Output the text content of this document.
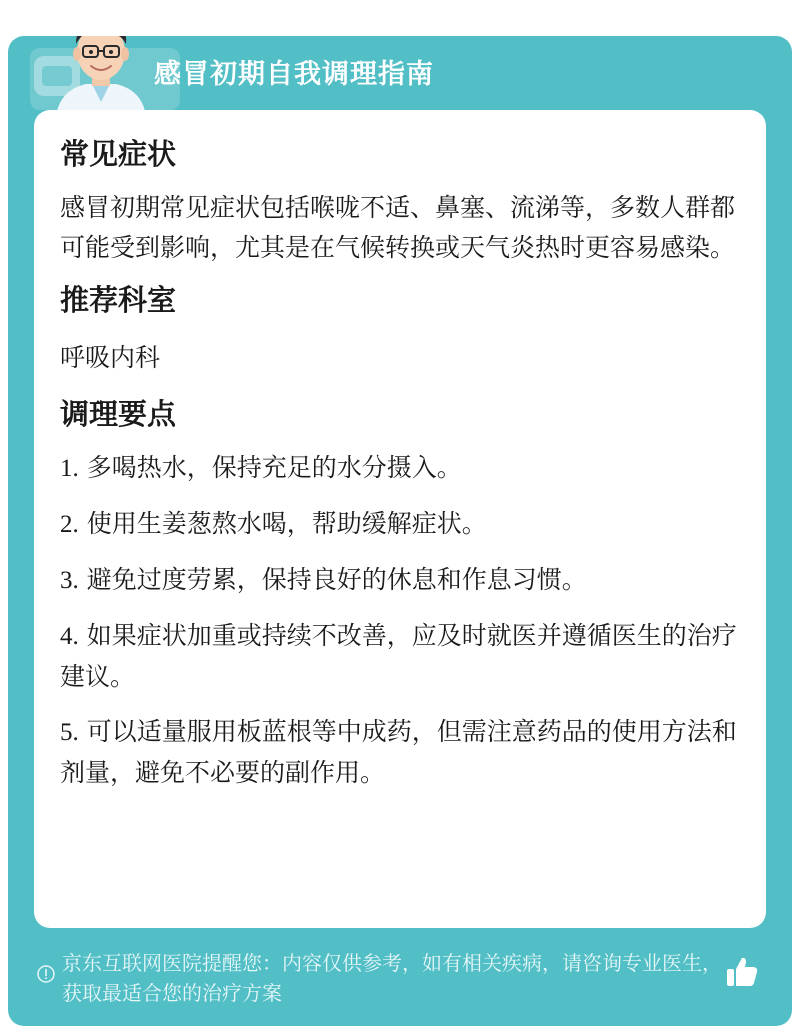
感冒初期自我调理指南
常见症状

感冒初期常见症状包括喉咙不适、鼻塞、流涕等，多数人群都可能受到影响，尤其是在气候转换或天气炎热时更容易感染。

推荐科室

呼吸内科

调理要点
1. 多喝热水，保持充足的水分摄入。
2. 使用生姜葱熬水喝，帮助缓解症状。
3. 避免过度劳累，保持良好的休息和作息习惯。
4. 如果症状加重或持续不改善，应及时就医并遵循医生的治疗建议。
5. 可以适量服用板蓝根等中成药，但需注意药品的使用方法和剂量，避免不必要的副作用。
京东互联网医院提醒您：内容仅供参考，如有相关疾病，请咨询专业医生，获取最适合您的治疗方案
